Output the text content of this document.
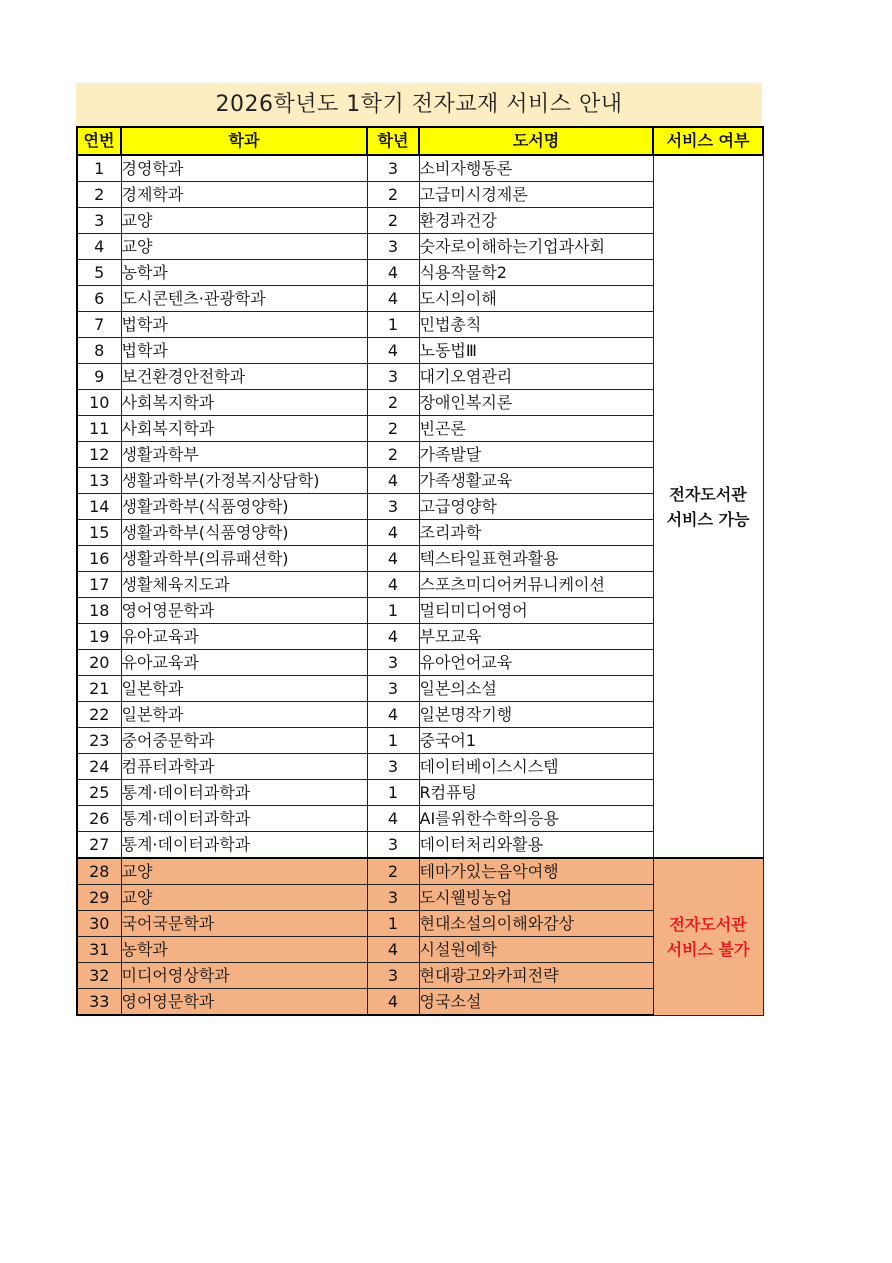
2026학년도 1학기 전자교재 서비스 안내
연번	학과	학년	도서명	서비스 여부
1	경영학과	3	소비자행동론	전자도서관
서비스 가능

2	경제학과	2	고급미시경제론	
3	교양	2	환경과건강	
4	교양	3	숫자로이해하는기업과사회	
5	농학과	4	식용작물학2	
6	도시콘텐츠·관광학과	4	도시의이해	
7	법학과	1	민법총칙	
8	법학과	4	노동법Ⅲ	
9	보건환경안전학과	3	대기오염관리	
10	사회복지학과	2	장애인복지론	
11	사회복지학과	2	빈곤론	
12	생활과학부	2	가족발달	
13	생활과학부(가정복지상담학)	4	가족생활교육	
14	생활과학부(식품영양학)	3	고급영양학	
15	생활과학부(식품영양학)	4	조리과학	
16	생활과학부(의류패션학)	4	텍스타일표현과활용	
17	생활체육지도과	4	스포츠미디어커뮤니케이션	
18	영어영문학과	1	멀티미디어영어	
19	유아교육과	4	부모교육	
20	유아교육과	3	유아언어교육	
21	일본학과	3	일본의소설	
22	일본학과	4	일본명작기행	
23	중어중문학과	1	중국어1	
24	컴퓨터과학과	3	데이터베이스시스템	
25	통계·데이터과학과	1	R컴퓨팅	
26	통계·데이터과학과	4	AI를위한수학의응용	
27	통계·데이터과학과	3	데이터처리와활용	
28	교양	2	테마가있는음악여행	전자도서관
서비스 불가

29	교양	3	도시웰빙농업	
30	국어국문학과	1	현대소설의이해와감상	
31	농학과	4	시설원예학	
32	미디어영상학과	3	현대광고와카피전략	
33	영어영문학과	4	영국소설	
